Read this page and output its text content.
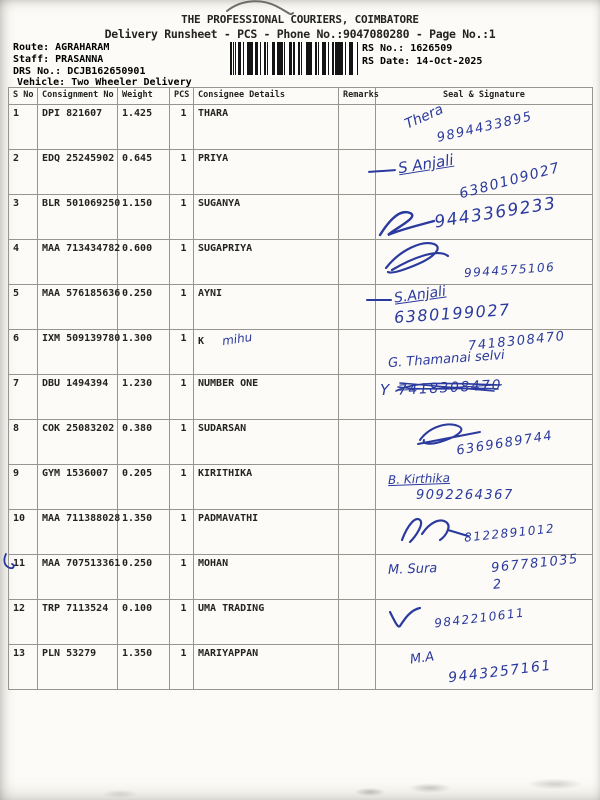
THE PROFESSIONAL COURIERS, COIMBATORE
Delivery Runsheet - PCS - Phone No.:9047080280 - Page No.:1
Route: AGRAHARAM
Staff: PRASANNA
DRS No.: DCJB162650901
Vehicle: Two Wheeler Delivery
RS No.: 1626509
RS Date: 14-Oct-2025
S No	Consignment No	Weight	PCS	Consignee Details	Remarks	Seal & Signature
1	DPI 821607	1.425	1	THARA		Thera
9894433895

2	EDQ 25245902	0.645	1	PRIYA		S Anjali 6380109027

3	BLR 501069250	1.150	1	SUGANYA		9443369233

4	MAA 713434782	0.600	1	SUGAPRIYA		9944575106

5	MAA 576185636	0.250	1	AYNI		S.Anjali
6380199027

6	IXM 509139780	1.300	1	K mihu		7418308470
G. Thamanai selvi

7	DBU 1494394	1.230	1	NUMBER ONE		Y 7418308470

8	COK 25083202	0.380	1	SUDARSAN		6369689744

9	GYM 1536007	0.205	1	KIRITHIKA		B. Kirthika
9092264367

10	MAA 711388028	1.350	1	PADMAVATHI		8122891012

11	MAA 707513361	0.250	1	MOHAN		M. Sura 9677810352

12	TRP 7113524	0.100	1	UMA TRADING		9842210611

13	PLN 53279	1.350	1	MARIYAPPAN		M.A 9443257161
